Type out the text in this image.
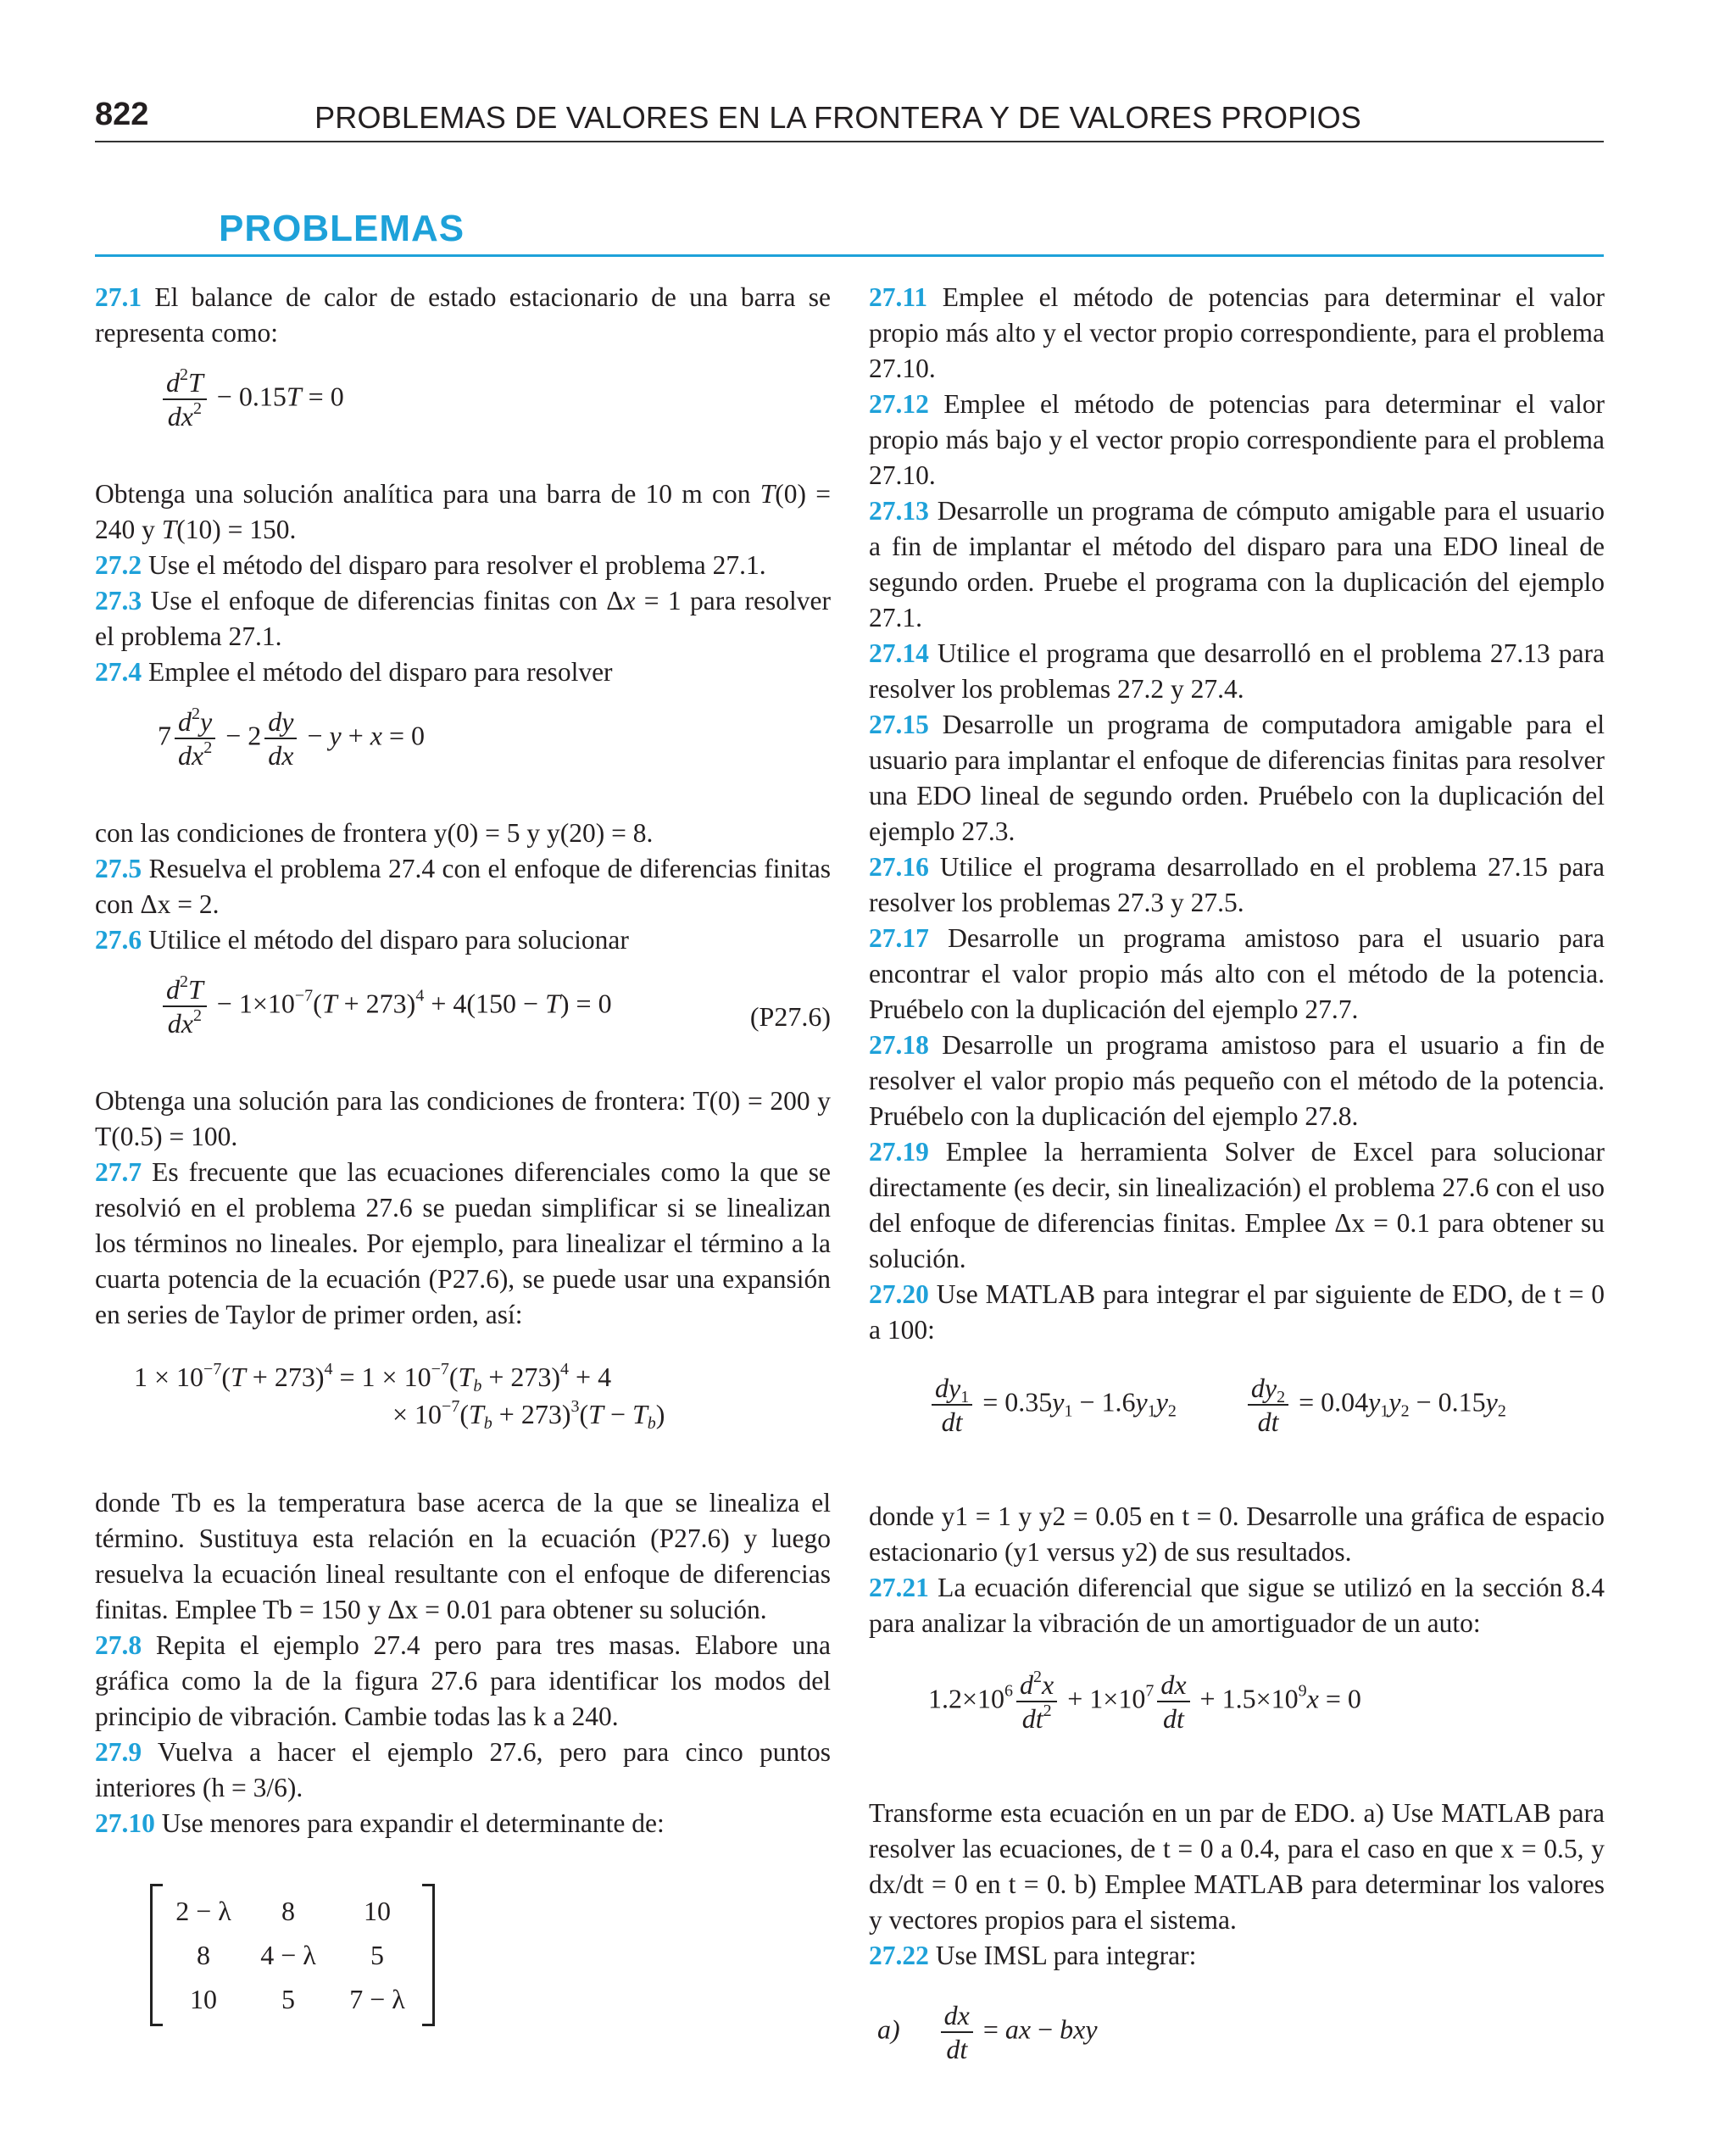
822	PROBLEMAS DE VALORES EN LA FRONTERA Y DE VALORES PROPIOS
PROBLEMAS

27.1 El balance de calor de estado estacionario de una barra se representa como:

$\frac{d^2T}{dx^2} - 0.15T = 0$

Obtenga una solución analítica para una barra de 10 m con T(0) = 240 y T(10) = 150.

27.2 Use el método del disparo para resolver el problema 27.1.

27.3 Use el enfoque de diferencias finitas con Δx = 1 para resolver el problema 27.1.

27.4 Emplee el método del disparo para resolver

$7 \frac{d^2y}{dx^2} - 2 \frac{dy}{dx} - y + x = 0$

con las condiciones de frontera y(0) = 5 y y(20) = 8.

27.5 Resuelva el problema 27.4 con el enfoque de diferencias finitas con Δx = 2.

27.6 Utilice el método del disparo para solucionar

$\frac{d^2T}{dx^2} - 1\times 10^{-7}(T + 273)^4 + 4(150 - T) = 0$	(P27.6)

Obtenga una solución para las condiciones de frontera: T(0) = 200 y T(0.5) = 100.

27.7 Es frecuente que las ecuaciones diferenciales como la que se resolvió en el problema 27.6 se puedan simplificar si se linealizan los términos no lineales. Por ejemplo, para linealizar el término a la cuarta potencia de la ecuación (P27.6), se puede usar una expansión en series de Taylor de primer orden, así:

$1 \times 10^{-7}(T + 273)^4 = 1 \times 10^{-7}(T_b + 273)^4 + 4$
× $10^{-7}(T_b + 273)^3(T - T_b)$

donde Tb es la temperatura base acerca de la que se linealiza el término. Sustituya esta relación en la ecuación (P27.6) y luego resuelva la ecuación lineal resultante con el enfoque de diferencias finitas. Emplee Tb = 150 y Δx = 0.01 para obtener su solución.

27.8 Repita el ejemplo 27.4 pero para tres masas. Elabore una gráfica como la de la figura 27.6 para identificar los modos del principio de vibración. Cambie todas las k a 240.

27.9 Vuelva a hacer el ejemplo 27.6, pero para cinco puntos interiores (h = 3/6).

27.10 Use menores para expandir el determinante de:

2 − λ	8	10
8	4 − λ	5
10	5	7 − λ

27.11 Emplee el método de potencias para determinar el valor propio más alto y el vector propio correspondiente, para el problema 27.10.

27.12 Emplee el método de potencias para determinar el valor propio más bajo y el vector propio correspondiente para el problema 27.10.

27.13 Desarrolle un programa de cómputo amigable para el usuario a fin de implantar el método del disparo para una EDO lineal de segundo orden. Pruebe el programa con la duplicación del ejemplo 27.1.

27.14 Utilice el programa que desarrolló en el problema 27.13 para resolver los problemas 27.2 y 27.4.

27.15 Desarrolle un programa de computadora amigable para el usuario para implantar el enfoque de diferencias finitas para resolver una EDO lineal de segundo orden. Pruébelo con la duplicación del ejemplo 27.3.

27.16 Utilice el programa desarrollado en el problema 27.15 para resolver los problemas 27.3 y 27.5.

27.17 Desarrolle un programa amistoso para el usuario para encontrar el valor propio más alto con el método de la potencia. Pruébelo con la duplicación del ejemplo 27.7.

27.18 Desarrolle un programa amistoso para el usuario a fin de resolver el valor propio más pequeño con el método de la potencia. Pruébelo con la duplicación del ejemplo 27.8.

27.19 Emplee la herramienta Solver de Excel para solucionar directamente (es decir, sin linealización) el problema 27.6 con el uso del enfoque de diferencias finitas. Emplee Δx = 0.1 para obtener su solución.

27.20 Use MATLAB para integrar el par siguiente de EDO, de t = 0 a 100:

$\frac{dy_1}{dt} = 0.35y_1 - 1.6y_1y_2$	$\frac{dy_2}{dt} = 0.04y_1y_2 - 0.15y_2$

donde y1 = 1 y y2 = 0.05 en t = 0. Desarrolle una gráfica de espacio estacionario (y1 versus y2) de sus resultados.

27.21 La ecuación diferencial que sigue se utilizó en la sección 8.4 para analizar la vibración de un amortiguador de un auto:

$1.2\times 10^6 \frac{d^2x}{dt^2} + 1\times 10^7 \frac{dx}{dt} + 1.5\times 10^9x = 0$

Transforme esta ecuación en un par de EDO. a) Use MATLAB para resolver las ecuaciones, de t = 0 a 0.4, para el caso en que x = 0.5, y dx/dt = 0 en t = 0. b) Emplee MATLAB para determinar los valores y vectores propios para el sistema.

27.22 Use IMSL para integrar:

$a) \frac{dx}{dt}$ = ax − bxy
